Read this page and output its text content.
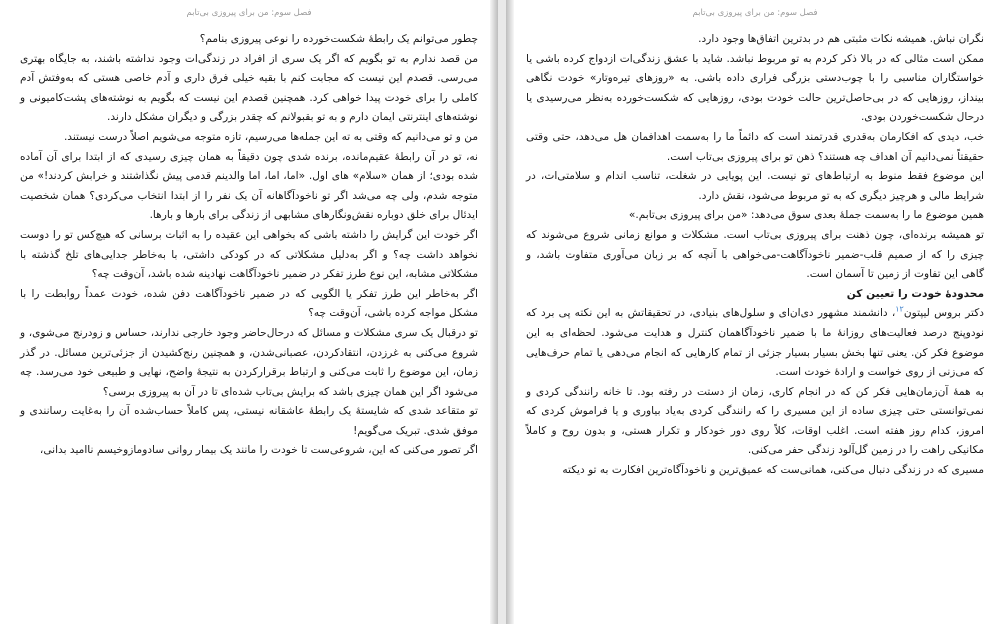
فصل سوم: من برای پیروزی بی‌تابم

چطور می‌توانم یک رابطهٔ شکست‌خورده را نوعی پیروزی بنامم؟

من قصد ندارم به تو بگویم که اگر یک سری از افراد در زندگی‌ات وجود نداشته باشند، به جایگاه بهتری می‌رسی. قصدم این نیست که مجابت کنم با بقیه خیلی فرق داری و آدم خاصی هستی که به‌وفتش آدم کاملی را برای خودت پیدا خواهی کرد. همچنین قصدم این نیست که بگویم به نوشته‌های پشت‌کامیونی و نوشته‌های اینترنتی ایمان دارم و به تو بقبولانم که چقدر بزرگی و دیگران مشکل دارند.

من و تو می‌دانیم که وقتی به ته این جمله‌ها می‌رسیم، تازه متوجه می‌شویم اصلاً درست نیستند.

نه، تو در آن رابطهٔ عقیم‌مانده، برنده شدی چون دقیقاً به همان چیزی رسیدی که از ابتدا برای آن آماده شده بودی؛ از همان «سلام» های اول. «اما، اما، اما والدینم قدمی پیش نگذاشتند و خرابش کردند!» من متوجه شدم، ولی چه می‌شد اگر تو ناخودآگاهانه آن یک نفر را از ابتدا انتخاب می‌کردی؟ همان شخصیت ایدئال برای خلق دوباره نقش‌ونگارهای مشابهی از زندگی برای بارها و بارها.

اگر خودت این گرایش را داشته باشی که بخواهی این عقیده را به اثبات برسانی که هیچ‌کس تو را دوست نخواهد داشت چه؟ و اگر به‌دلیل مشکلاتی که در کودکی داشتی، با به‌خاطر جدایی‌های تلخ گذشته با مشکلاتی مشابه، این نوع طرز تفکر در ضمیر ناخودآگاهت نهادینه شده باشد، آن‌وقت چه؟

اگر به‌خاطر این طرز تفکر یا الگویی که در ضمیر ناخودآگاهت دفن شده، خودت عمداً روابطت را با مشکل مواجه کرده باشی، آن‌وقت چه؟

تو درقبال یک سری مشکلات و مسائل که درحال‌حاضر وجود خارجی ندارند، حساس و زودرنج می‌شوی، و شروع می‌کنی به غرزدن، انتقادکردن، عصبانی‌شدن، و همچنین رنج‌کشیدن از جزئی‌ترین مسائل. در گذر زمان، این موضوع را ثابت می‌کنی و ارتباط برقرارکردن به نتیجهٔ واضح، نهایی و طبیعی خود می‌رسد. چه می‌شود اگر این همان چیزی باشد که برایش بی‌تاب شده‌ای تا در آن به پیروزی برسی؟

تو متقاعد شدی که شایستهٔ یک رابطهٔ عاشقانه نیستی، پس کاملاً حساب‌شده آن را به‌غایت رسانندی و موفق شدی. تبریک می‌گویم!

اگر تصور می‌کنی که این، شروعی‌ست تا خودت را مانند یک بیمار روانی سادومازوخیسم ناامید بدانی،

فصل سوم: من برای پیروزی بی‌تابم

نگران نباش. همیشه نکات مثبتی هم در بدترین اتفاق‌ها وجود دارد.

ممکن است مثالی که در بالا ذکر کردم به تو مربوط نباشد. شاید با عشق زندگی‌ات ازدواج کرده باشی یا خواستگاران مناسبی را با چوب‌دستی بزرگی فراری داده باشی. به «روزهای تیره‌وتار» خودت نگاهی بینداز، روزهایی که در بی‌حاصل‌ترین حالت خودت بودی، روزهایی که شکست‌خورده به‌نظر می‌رسیدی یا درحال شکست‌خوردن بودی.

خب، دیدی که افکارمان به‌قدری قدرتمند است که دائماً ما را به‌سمت اهدافمان هل می‌دهد، حتی وقتی حقیقتاً نمی‌دانیم آن اهداف چه هستند؟ ذهن تو برای پیروزی بی‌تاب است.

این موضوع فقط منوط به ارتباط‌های تو نیست. این پویایی در شغلت، تناسب اندام و سلامتی‌ات، در شرایط مالی و هرچیز دیگری که به تو مربوط می‌شود، نقش دارد.

همین موضوع ما را به‌سمت جملهٔ بعدی سوق می‌دهد: «من برای پیروزی بی‌تابم.»

تو همیشه برنده‌ای، چون ذهنت برای پیروزی بی‌تاب است. مشکلات و موانع زمانی شروع می‌شوند که چیزی را که از صمیم قلب-ضمیر ناخودآگاهت-می‌خواهی با آنچه که بر زبان می‌آوری متفاوت باشد، و گاهی این تفاوت از زمین تا آسمان است.

محدودهٔ خودت را تعیین کن

دکتر بروس لیپتون$^{۱۲}$، دانشمند مشهور دی‌ان‌ای و سلول‌های بنیادی، در تحقیقاتش به این نکته پی برد که نودوپنج درصد فعالیت‌های روزانهٔ ما با ضمیر ناخودآگاهمان کنترل و هدایت می‌شود. لحظه‌ای به این موضوع فکر کن. یعنی تنها بخش بسیار بسیار جزئی از تمام کارهایی که انجام می‌دهی یا تمام حرف‌هایی که می‌زنی از روی خواست و ارادهٔ خودت است.

به همهٔ آن‌زمان‌هایی فکر کن که در انجام کاری، زمان از دستت در رفته بود. تا خانه رانندگی کردی و نمی‌توانستی حتی چیزی ساده از این مسیری را که رانندگی کردی به‌یاد بیاوری و یا فراموش کردی که امروز، کدام روز هفته است. اغلب اوقات، کلاً روی دور خودکار و تکرار هستی، و بدون روح و کاملاً مکانیکی راهت را در زمین گل‌آلود زندگی حفر می‌کنی.

مسیری که در زندگی دنبال می‌کنی، همانی‌ست که عمیق‌ترین و ناخودآگاه‌ترین افکارت به تو دیکته
